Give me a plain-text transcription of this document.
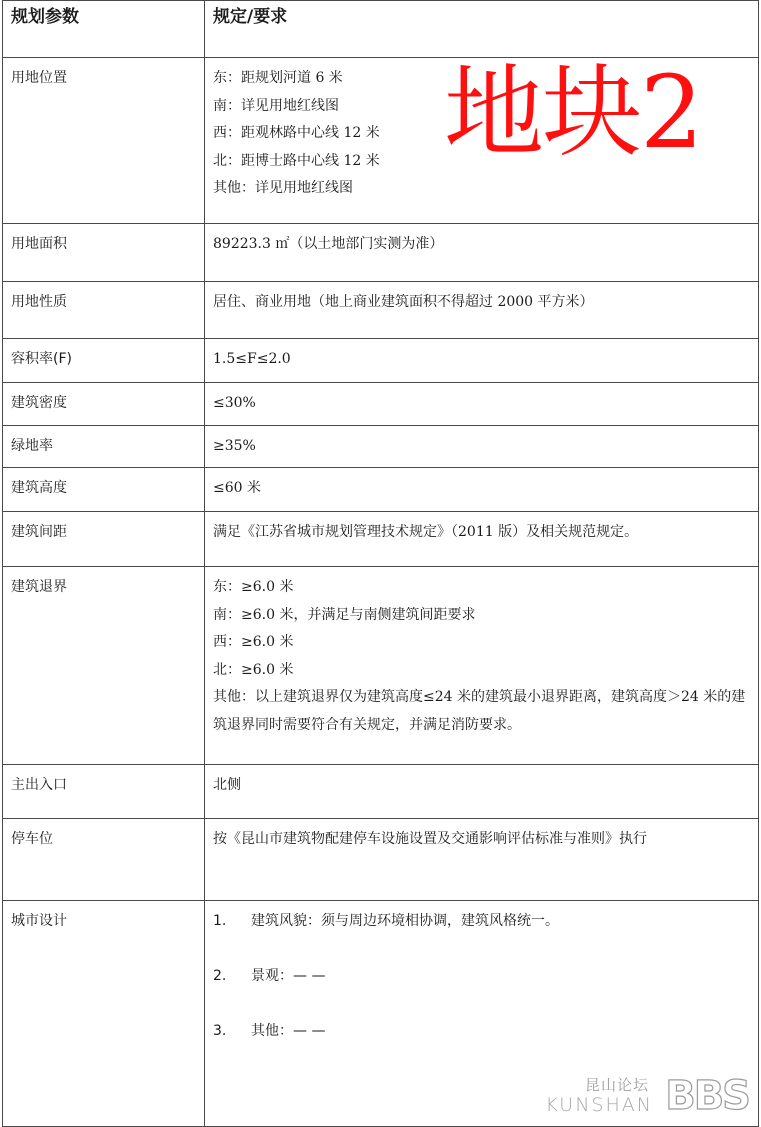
规划参数	规定/要求
用地位置	东：距规划河道 6 米
南：详见用地红线图
西：距观林路中心线 12 米
北：距博士路中心线 12 米
其他：详见用地红线图

用地面积	89223.3 ㎡（以土地部门实测为准）

用地性质	居住、商业用地（地上商业建筑面积不得超过 2000 平方米）

容积率(F)	1.5≤F≤2.0

建筑密度	≤30%

绿地率	≥35%

建筑高度	≤60 米

建筑间距	满足《江苏省城市规划管理技术规定》（2011 版）及相关规范规定。

建筑退界	东：≥6.0 米
南：≥6.0 米，并满足与南侧建筑间距要求
西：≥6.0 米
北：≥6.0 米
其他：以上建筑退界仅为建筑高度≤24 米的建筑最小退界距离，建筑高度＞24 米的建筑退界同时需要符合有关规定，并满足消防要求。

主出入口	北侧

停车位	按《昆山市建筑物配建停车设施设置及交通影响评估标准与准则》执行

城市设计	1. 建筑风貌：须与周边环境相协调，建筑风格统一。
2. 景观：— —
3. 其他：— —
地块2
昆山论坛
KUNSHAN BBS
